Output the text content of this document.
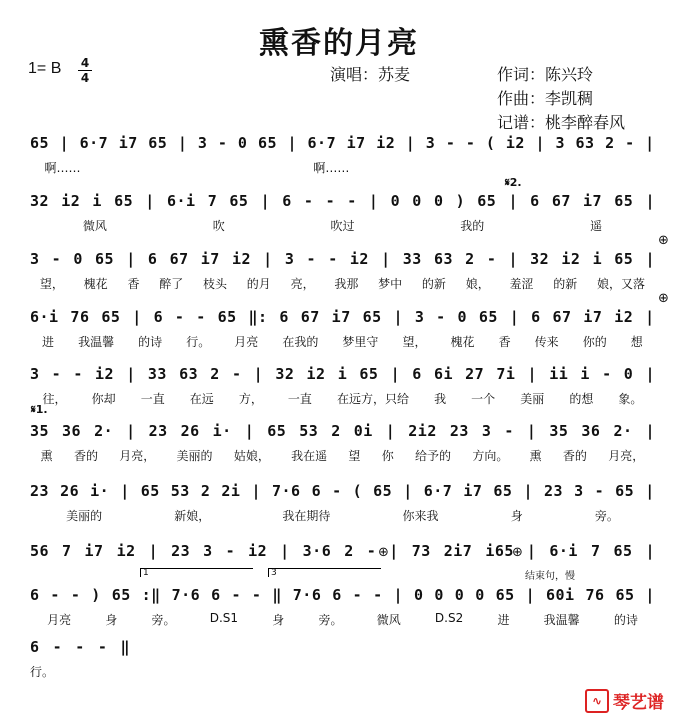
熏香的月亮
1= B 4
4	演唱：苏麦	作词：陈兴玲
作曲：李凯稠
记谱：桃李醉春风
65 | 6·7 i7 65 | 3 - 0 65 | 6·7 i7 i2 | 3 - - ( i2 | 3 63 2 - |
啊……	啊……
32 i2 i 65 | 6·i 7 65 | 6 - - - | 0 0 0 ) 65 | 6 67 i7 65 |
微风	吹	吹过	我的	遥
3 - 0 65 | 6 67 i7 i2 | 3 - - i2 | 33 63 2 - | 32 i2 i 65 |
望， 槐花 香 醉了 枝头 的月 亮， 我那 梦中 的新 娘， 羞涩 的新 娘，又落
6·i 76 65 | 6 - - 65 ‖: 6 67 i7 65 | 3 - 0 65 | 6 67 i7 i2 |
进 我温馨 的诗 行。 月亮 在我的 梦里守 望， 槐花 香 传来 你的 想
3 - - i2 | 33 63 2 - | 32 i2 i 65 | 6 6i 27 7i | ii i - 0 |
往， 你却 一直 在远 方， 一直 在远方，只给 我 一个 美丽 的想 象。
35 36 2· | 23 26 i· | 65 53 2 0i | 2i2 23 3 - | 35 36 2· |
熏 香的 月亮， 美丽的 姑娘， 我在遥 望 你 给予的 方向。 熏 香的 月亮，
23 26 i· | 65 53 2 2i | 7·6 6 - ( 65 | 6·7 i7 65 | 23 3 - 65 |
美丽的	新娘，	我在期待	你来我	身	旁。
56 7 i7 i2 | 23 3 - i2 | 3·6 2 - | 73 2i7 i65 | 6·i 7 65 |
6 - - ) 65 :‖ 7·6 6 - - ‖ 7·6 6 - - | 0 0 0 0 65 | 60i 76 65 |
月亮	身	旁。	D.S1	身	旁。	微风	D.S2	进	我温馨	的诗
6 - - - ‖
行。
𝄋2.
𝄋1.
⊕
⊕
⊕	⊕
结束句，慢
1	3
∿ 琴艺谱
